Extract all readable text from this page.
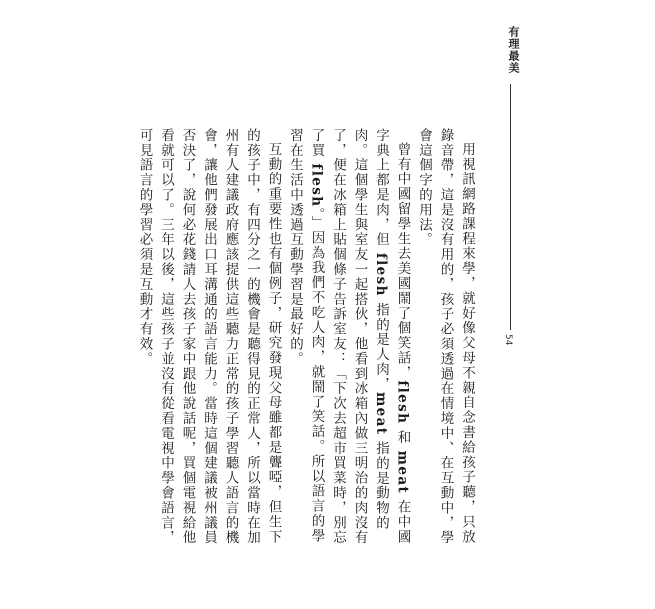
有理最美
54

用視訊網路課程來學，就好像父母不親自念書給孩子聽，只放錄音帶，這是沒有用的，孩子必須透過在情境中、在互動中，學會這個字的用法。

曾有中國留學生去美國鬧了個笑話，flesh 和 meat 在中國字典上都是肉，但 flesh 指的是人肉，meat 指的是動物的肉。這個學生與室友一起搭伙，他看到冰箱內做三明治的肉沒有了，便在冰箱上貼個條子告訴室友：「下次去超市買菜時，別忘了買 flesh。」因為我們不吃人肉，就鬧了笑話。所以語言的學習在生活中透過互動學習是最好的。

互動的重要性也有個例子，研究發現父母雖都是聾啞，但生下的孩子中，有四分之一的機會是聽得見的正常人，所以當時在加州有人建議政府應該提供這些聽力正常的孩子學習聽人語言的機會，讓他們發展出口耳溝通的語言能力。當時這個建議被州議員否決了，說何必花錢請人去孩子家中跟他說話呢，買個電視給他看就可以了。三年以後，這些孩子並沒有從看電視中學會語言，可見語言的學習必須是互動才有效。
